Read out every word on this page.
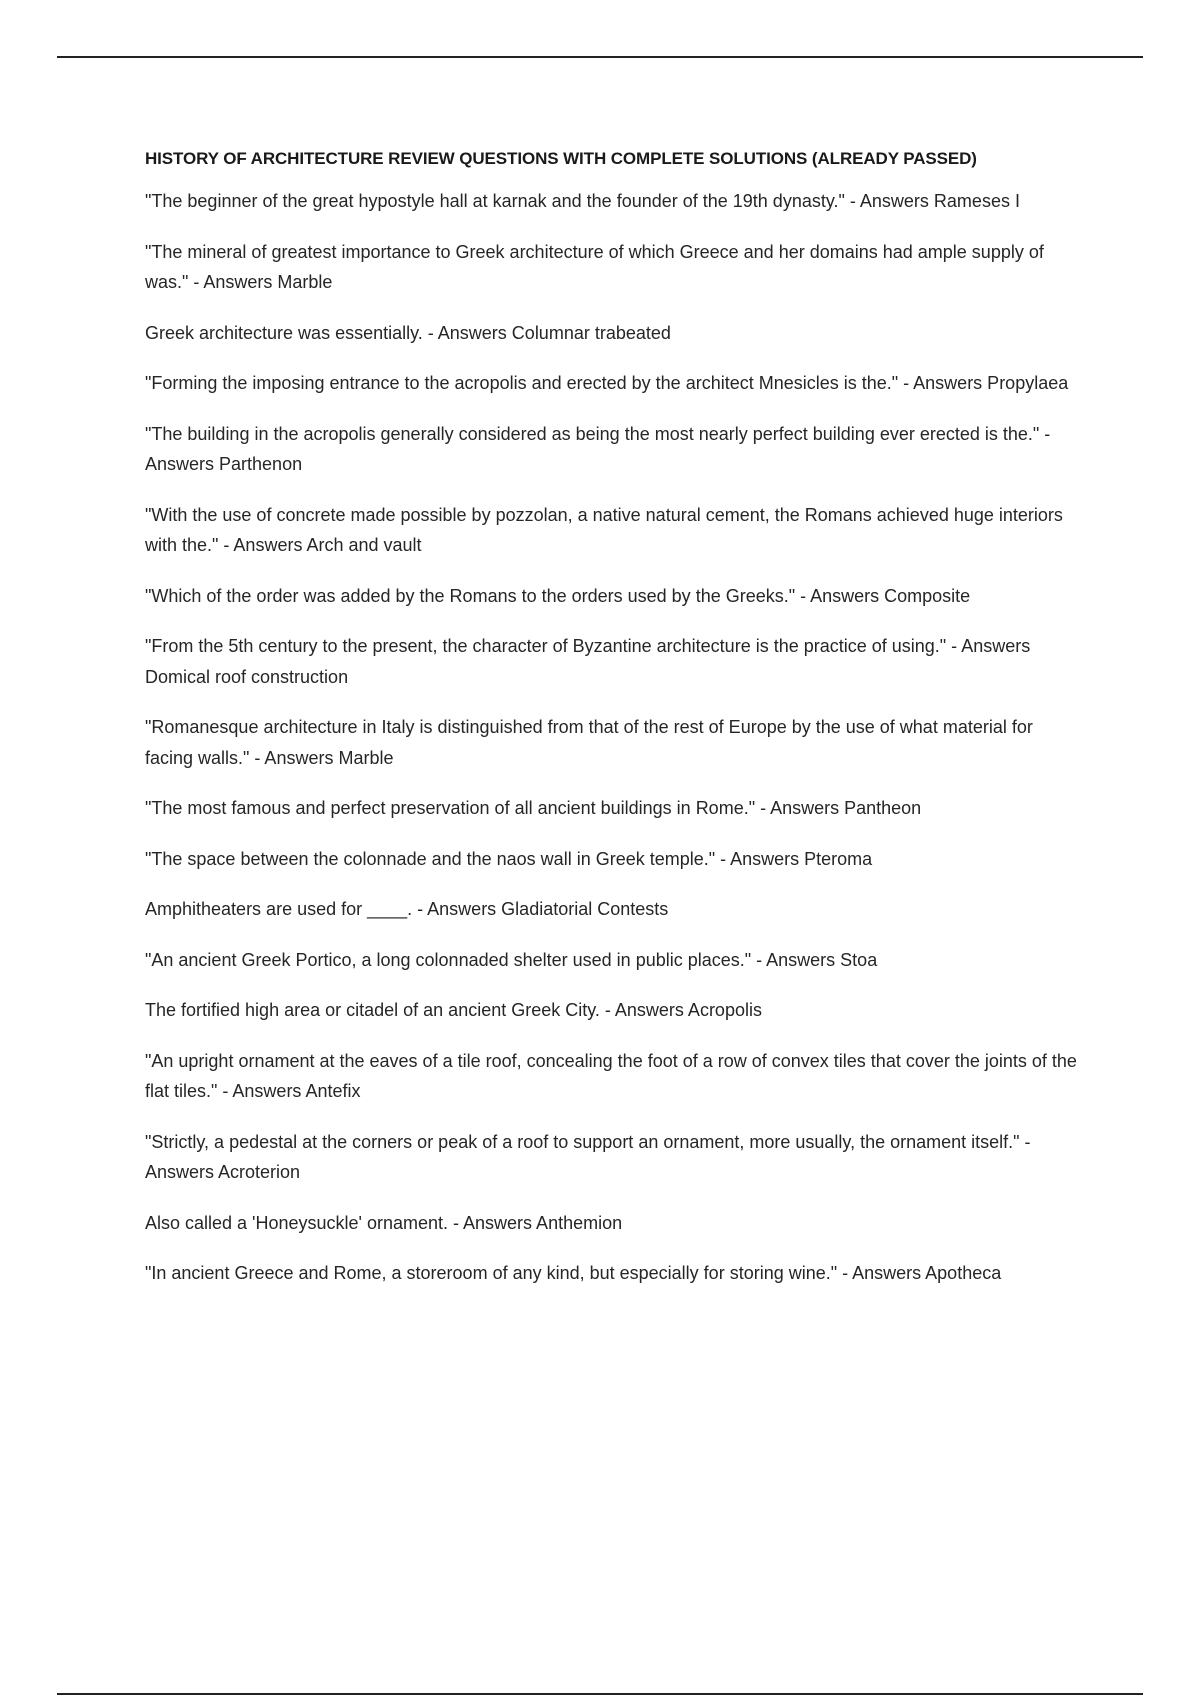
HISTORY OF ARCHITECTURE REVIEW QUESTIONS WITH COMPLETE SOLUTIONS (ALREADY PASSED)

"The beginner of the great hypostyle hall at karnak and the founder of the 19th dynasty." - Answers Rameses I

"The mineral of greatest importance to Greek architecture of which Greece and her domains had ample supply of was." - Answers Marble

Greek architecture was essentially. - Answers Columnar trabeated

"Forming the imposing entrance to the acropolis and erected by the architect Mnesicles is the." - Answers Propylaea

"The building in the acropolis generally considered as being the most nearly perfect building ever erected is the." - Answers Parthenon

"With the use of concrete made possible by pozzolan, a native natural cement, the Romans achieved huge interiors with the." - Answers Arch and vault

"Which of the order was added by the Romans to the orders used by the Greeks." - Answers Composite

"From the 5th century to the present, the character of Byzantine architecture is the practice of using." - Answers Domical roof construction

"Romanesque architecture in Italy is distinguished from that of the rest of Europe by the use of what material for facing walls." - Answers Marble

"The most famous and perfect preservation of all ancient buildings in Rome." - Answers Pantheon

"The space between the colonnade and the naos wall in Greek temple." - Answers Pteroma

Amphitheaters are used for ____. - Answers Gladiatorial Contests

"An ancient Greek Portico, a long colonnaded shelter used in public places." - Answers Stoa

The fortified high area or citadel of an ancient Greek City. - Answers Acropolis

"An upright ornament at the eaves of a tile roof, concealing the foot of a row of convex tiles that cover the joints of the flat tiles." - Answers Antefix

"Strictly, a pedestal at the corners or peak of a roof to support an ornament, more usually, the ornament itself." - Answers Acroterion

Also called a 'Honeysuckle' ornament. - Answers Anthemion

"In ancient Greece and Rome, a storeroom of any kind, but especially for storing wine." - Answers Apotheca
